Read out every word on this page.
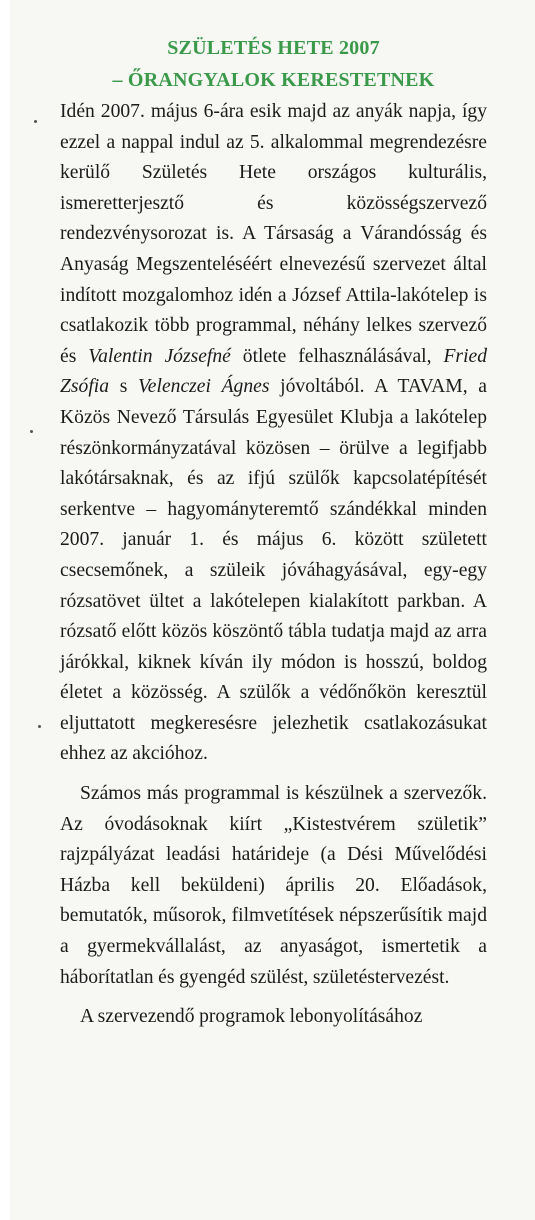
SZÜLETÉS HETE 2007
– ŐRANGYALOK KERESTETNEK

Idén 2007. május 6-ára esik majd az anyák napja, így ezzel a nappal indul az 5. alkalommal megrendezésre kerülő Születés Hete országos kulturális, ismeretterjesztő és közösségszervező rendezvénysorozat is. A Társaság a Várandósság és Anyaság Megszenteléséért elnevezésű szervezet által indított mozgalomhoz idén a József Attila-lakótelep is csatlakozik több programmal, néhány lelkes szervező és Valentin Józsefné ötlete felhasználásával, Fried Zsófia s Velenczei Ágnes jóvoltából. A TAVAM, a Közös Nevező Társulás Egyesület Klubja a lakótelep részönkormányzatával közösen – örülve a legifjabb lakótársaknak, és az ifjú szülők kapcsolatépítését serkentve – hagyományteremtő szándékkal minden 2007. január 1. és május 6. között született csecsemőnek, a szüleik jóváhagyásával, egy-egy rózsatövet ültet a lakótelepen kialakított parkban. A rózsatő előtt közös köszöntő tábla tudatja majd az arra járókkal, kiknek kíván ily módon is hosszú, boldog életet a közösség. A szülők a védőnőkön keresztül eljuttatott megkeresésre jelezhetik csatlakozásukat ehhez az akcióhoz.

Számos más programmal is készülnek a szervezők. Az óvodásoknak kiírt „Kistestvérem születik” rajzpályázat leadási határideje (a Dési Művelődési Házba kell beküldeni) április 20. Előadások, bemutatók, műsorok, filmvetítések népszerűsítik majd a gyermekvállalást, az anyaságot, ismertetik a háborítatlan és gyengéd szülést, születéstervezést.

A szervezendő programok lebonyolításához
